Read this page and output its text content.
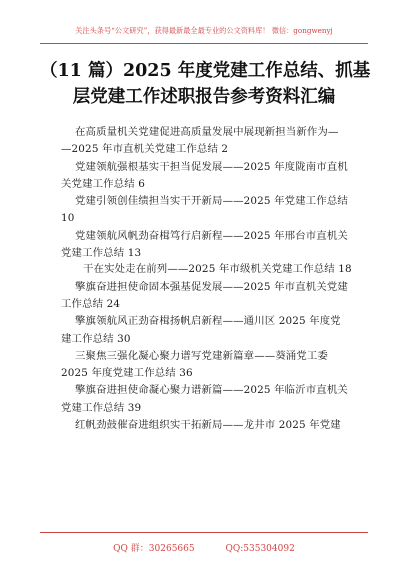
关注头条号“公文研究”，获得最新最全最专业的公文资料库！ 微信：gongwenyj
（11 篇）2025 年度党建工作总结、抓基
层党建工作述职报告参考资料汇编
在高质量机关党建促进高质量发展中展现新担当新作为—
—2025 年市直机关党建工作总结 2
党建领航强根基实干担当促发展——2025 年度陇南市直机
关党建工作总结 6
党建引领创佳绩担当实干开新局——2025 年党建工作总结
10
党建领航风帆劲奋楫笃行启新程——2025 年邢台市直机关
党建工作总结 13
干在实处走在前列——2025 年市级机关党建工作总结 18
擎旗奋进担使命固本强基促发展——2025 年市直机关党建
工作总结 24
擎旗领航风正劲奋楫扬帆启新程——通川区 2025 年度党
建工作总结 30
三聚焦三强化凝心聚力谱写党建新篇章——葵涌党工委
2025 年度党建工作总结 36
擎旗奋进担使命凝心聚力谱新篇——2025 年临沂市直机关
党建工作总结 39
红帆劲鼓催奋进组织实干拓新局——龙井市 2025 年党建
QQ 群：30265665	QQ:535304092
